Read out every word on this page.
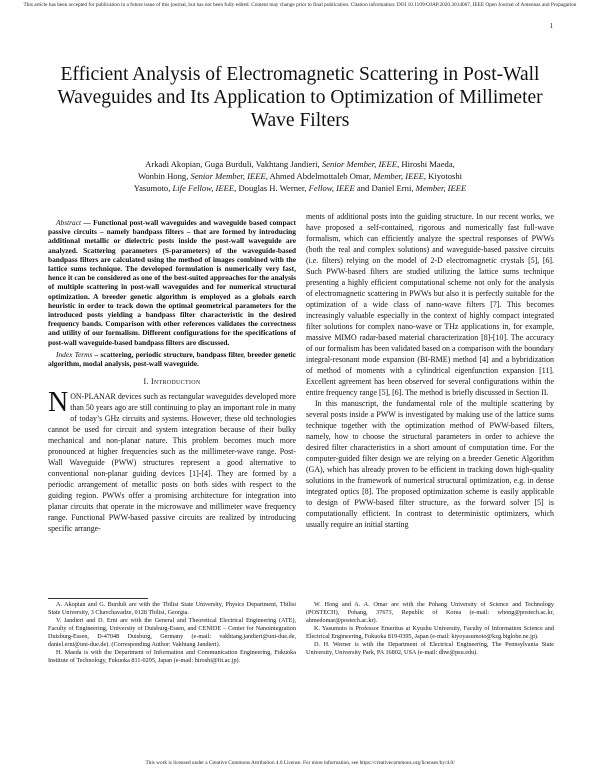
This article has been accepted for publication in a future issue of this journal, but has not been fully edited. Content may change prior to final publication. Citation information: DOI 10.1109/OJAP.2020.3014067, IEEE Open Journal of Antennas and Propagation
1
Efficient Analysis of Electromagnetic Scattering in Post-Wall Waveguides and Its Application to Optimization of Millimeter Wave Filters
Arkadi Akopian, Guga Burduli, Vakhtang Jandieri, Senior Member, IEEE, Hiroshi Maeda,
Wonbin Hong, Senior Member, IEEE, Ahmed Abdelmottaleb Omar, Member, IEEE, Kiyotoshi
Yasumoto, Life Fellow, IEEE, Douglas H. Werner, Fellow, IEEE and Daniel Erni, Member, IEEE

Abstract — Functional post-wall waveguides and waveguide based compact passive circuits – namely bandpass filters – that are formed by introducing additional metallic or dielectric posts inside the post-wall waveguide are analyzed. Scattering parameters (S-parameters) of the waveguide-based bandpass filters are calculated using the method of images combined with the lattice sums technique. The developed formulation is numerically very fast, hence it can be considered as one of the best-suited approaches for the analysis of multiple scattering in post-wall waveguides and for numerical structural optimization. A breeder genetic algorithm is employed as a globals earch heuristic in order to track down the optimal geometrical parameters for the introduced posts yielding a bandpass filter characteristic in the desired frequency bands. Comparison with other references validates the correctness and utility of our formalism. Different configurations for the specifications of post-wall waveguide-based bandpass filters are discussed.

Index Terms – scattering, periodic structure, bandpass filter, breeder genetic algorithm, modal analysis, post-wall waveguide.

I. Introduction

NON-PLANAR devices such as rectangular waveguides developed more than 50 years ago are still continuing to play an important role in many of today’s GHz circuits and systems. However, these old technologies cannot be used for circuit and system integration because of their bulky mechanical and non-planar nature. This problem becomes much more pronounced at higher frequencies such as the millimeter-wave range. Post-Wall Waveguide (PWW) structures represent a good alternative to conventional non-planar guiding devices [1]-[4]. They are formed by a periodic arrangement of metallic posts on both sides with respect to the guiding region. PWWs offer a promising architecture for integration into planar circuits that operate in the microwave and millimeter wave frequency range. Functional PWW-based passive circuits are realized by introducing specific arrange-

ments of additional posts into the guiding structure. In our recent works, we have proposed a self-contained, rigorous and numerically fast full-wave formalism, which can efficiently analyze the spectral responses of PWWs (both the real and complex solutions) and waveguide-based passive circuits (i.e. filters) relying on the model of 2-D electromagnetic crystals [5], [6]. Such PWW-based filters are studied utilizing the lattice sums technique presenting a highly efficient computational scheme not only for the analysis of electromagnetic scattering in PWWs but also it is perfectly suitable for the optimization of a wide class of nano-wave filters [7]. This becomes increasingly valuable especially in the context of highly compact integrated filter solutions for complex nano-wave or THz applications in, for example, massive MIMO radar-based material characterization [8]-[10]. The accuracy of our formalism has been validated based on a comparison with the boundary integral-resonant mode expansion (BI-RME) method [4] and a hybridization of method of moments with a cylindrical eigenfunction expansion [11]. Excellent agreement has been observed for several configurations within the entire frequency range [5], [6]. The method is briefly discussed in Section II.

In this manuscript, the fundamental role of the multiple scattering by several posts inside a PWW is investigated by making use of the lattice sums technique together with the optimization method of PWW-based filters, namely, how to choose the structural parameters in order to achieve the desired filter characteristics in a short amount of computation time. For the computer-guided filter design we are relying on a breeder Genetic Algorithm (GA), which has already proven to be efficient in tracking down high-quality solutions in the framework of numerical structural optimization, e.g. in dense integrated optics [8]. The proposed optimization scheme is easily applicable to design of PWW-based filter structure, as the forward solver [5] is computationally efficient. In contrast to deterministic optimizers, which usually require an initial starting

A. Akopian and G. Burduli are with the Tbilisi State University, Physics Department, Tbilisi State University, 3 Chavchavadze, 0128 Tbilisi, Georgia.

V. Jandieri and D. Erni are with the General and Theoretical Electrical Engineering (ATE), Faculty of Engineering, University of Duisburg-Essen, and CENIDE – Center for Nanointegration Duisburg-Essen, D-47048 Duisburg, Germany (e-mail: vakhtang.jandieri@uni-due.de, daniel.erni@uni-due.de). (Corresponding Author: Vakhtang Jandieri).

H. Maeda is with the Department of Information and Communication Engineering, Fukuoka Institute of Technology, Fukuoka 811-0295, Japan (e-mail: hiroshi@fit.ac.jp).

W. Hong and A. A. Omar are with the Pohang University of Science and Technology (POSTECH), Pohang, 37673, Republic of Korea (e-mail: whong@postech.ac.kr, ahmedomar@postech.ac.kr).

K. Yasumoto is Professor Emeritus at Kyushu University, Faculty of Information Science and Electrical Engineering, Fukuoka 819-0395, Japan (e-mail: kiyoyasumoto@kzg.biglobe.ne.jp).

D. H. Werner is with the Department of Electrical Engineering, The Pennsylvania State University, University Park, PA 16802, USA (e-mail: dhw@psu.edu).

This work is licensed under a Creative Commons Attribution 4.0 License. For more information, see https://creativecommons.org/licenses/by/4.0/
